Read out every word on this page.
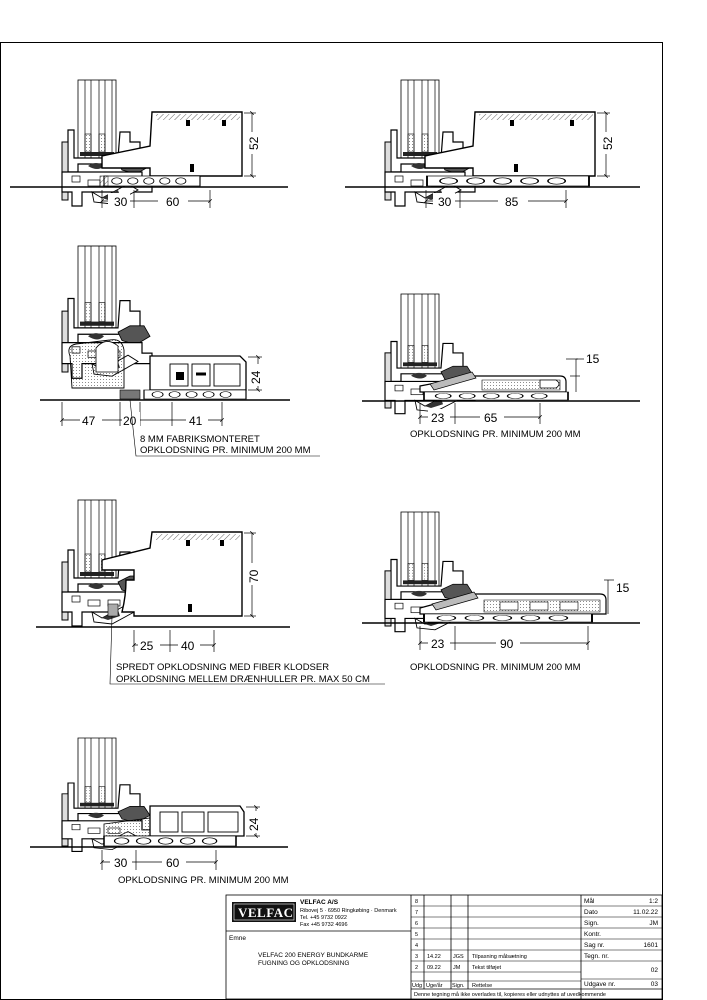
30	60
52
30	85
52
47 20	41
24
8 MM FABRIKSMONTERET
OPKLODSNING PR. MINIMUM 200 MM
15
23	65
OPKLODSNING PR. MINIMUM 200 MM
70
25 40
SPREDT OPKLODSNING MED FIBER KLODSER
OPKLODSNING MELLEM DRÆNHULLER PR. MAX 50 CM
15
23	90
OPKLODSNING PR. MINIMUM 200 MM
24
30	60
OPKLODSNING PR. MINIMUM 200 MM
VELFAC
VELFAC A/S
Ribovej 5 · 6950 Ringkøbing · Denmark
Tel. +45 9732 0922
Fax +45 9732 4696
Emne
VELFAC 200 ENERGY BUNDKARME
FUGNING OG OPKLODSNING
8
7
6
5
4
3 14.22 JGS Tilpasning målsætning
2 09.22 JM Tekst tilføjet
Udg Uge/år Sign. Rettelse
Mål	1:2
Dato	11.02.22
Sign.	JM
Kontr.
Sag nr.	1601
Tegn. nr.
02
Udgave nr.	03
Denne tegning må ikke overlades til, kopieres eller udnyttes af uvedkommende
